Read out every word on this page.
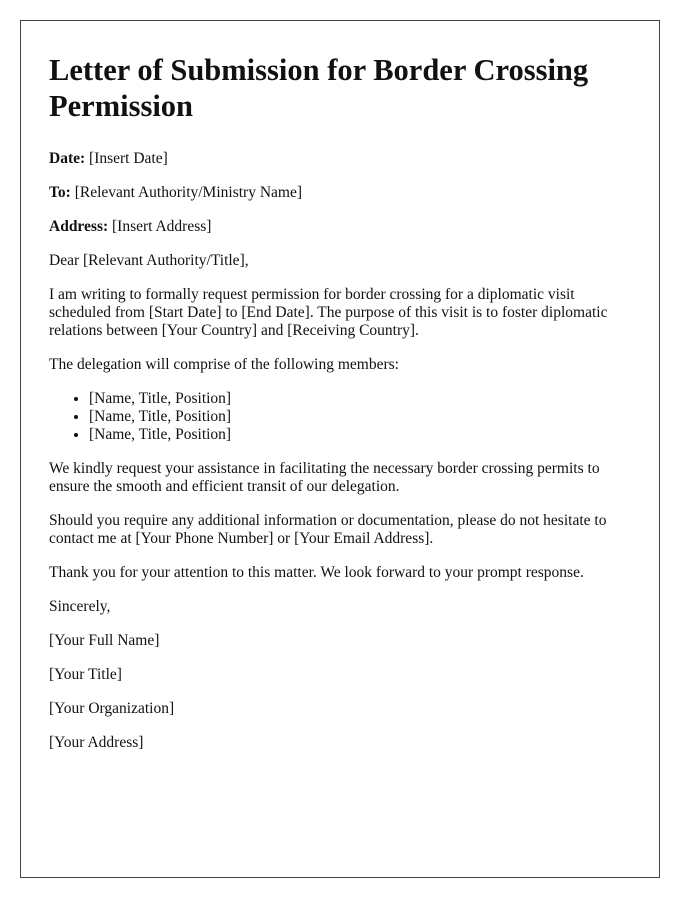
Letter of Submission for Border Crossing Permission

Date: [Insert Date]

To: [Relevant Authority/Ministry Name]

Address: [Insert Address]

Dear [Relevant Authority/Title],

I am writing to formally request permission for border crossing for a diplomatic visit scheduled from [Start Date] to [End Date]. The purpose of this visit is to foster diplomatic relations between [Your Country] and [Receiving Country].

The delegation will comprise of the following members:

• [Name, Title, Position]
• [Name, Title, Position]
• [Name, Title, Position]

We kindly request your assistance in facilitating the necessary border crossing permits to ensure the smooth and efficient transit of our delegation.

Should you require any additional information or documentation, please do not hesitate to contact me at [Your Phone Number] or [Your Email Address].

Thank you for your attention to this matter. We look forward to your prompt response.

Sincerely,

[Your Full Name]

[Your Title]

[Your Organization]

[Your Address]
